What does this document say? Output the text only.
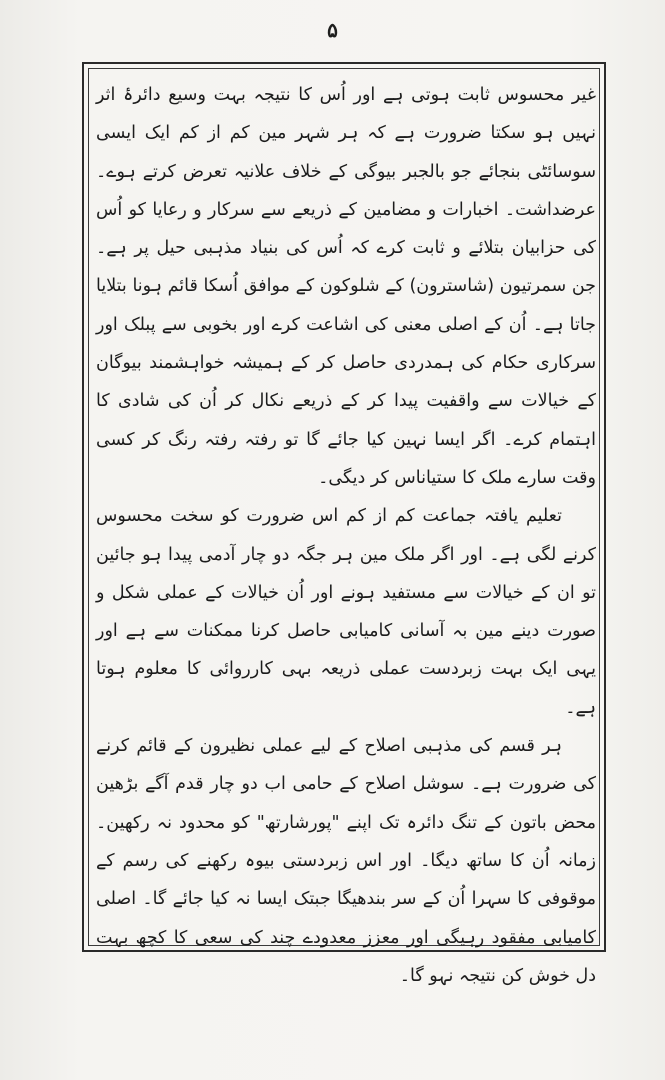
۵

غیر محسوس ثابت ہوتی ہے اور اُس کا نتیجہ بہت وسیع دائرۂ اثر نہیں ہو سکتا ضرورت ہے کہ ہر شہر مین کم از کم ایک ایسی سوسائٹی بنجائے جو بالجبر بیوگی کے خلاف علانیہ تعرض کرتے ہوے۔ عرضداشت۔ اخبارات و مضامین کے ذریعے سے سرکار و رعایا کو اُس کی حزابیان بتلائے و ثابت کرے کہ اُس کی بنیاد مذہبی حیل پر ہے۔ جن سمرتیون (شاسترون) کے شلوکون کے موافق اُسکا قائم ہونا بتلایا جاتا ہے۔ اُن کے اصلی معنی کی اشاعت کرے اور بخوبی سے پبلک اور سرکاری حکام کی ہمدردی حاصل کر کے ہمیشہ خواہشمند بیوگان کے خیالات سے واقفیت پیدا کر کے ذریعے نکال کر اُن کی شادی کا اہتمام کرے۔ اگر ایسا نہین کیا جائے گا تو رفتہ رفتہ رنگ کر کسی وقت سارے ملک کا ستیاناس کر دیگی۔

تعلیم یافتہ جماعت کم از کم اس ضرورت کو سخت محسوس کرنے لگی ہے۔ اور اگر ملک مین ہر جگہ دو چار آدمی پیدا ہو جائین تو ان کے خیالات سے مستفید ہونے اور اُن خیالات کے عملی شکل و صورت دینے مین بہ آسانی کامیابی حاصل کرنا ممکنات سے ہے اور یہی ایک بہت زبردست عملی ذریعہ بہی کارروائی کا معلوم ہوتا ہے۔

ہر قسم کی مذہبی اصلاح کے لیے عملی نظیرون کے قائم کرنے کی ضرورت ہے۔ سوشل اصلاح کے حامی اب دو چار قدم آگے بڑھین محض باتون کے تنگ دائرہ تک اپنے "پورشارتھ" کو محدود نہ رکھین۔ زمانہ اُن کا ساتھ دیگا۔ اور اس زبردستی بیوہ رکھنے کی رسم کے موقوفی کا سہرا اُن کے سر بندھیگا جبتک ایسا نہ کیا جائے گا۔ اصلی کامیابی مفقود رہیگی اور معزز معدودے چند کی سعی کا کچھ بہت دل خوش کن نتیجہ نہو گا۔
